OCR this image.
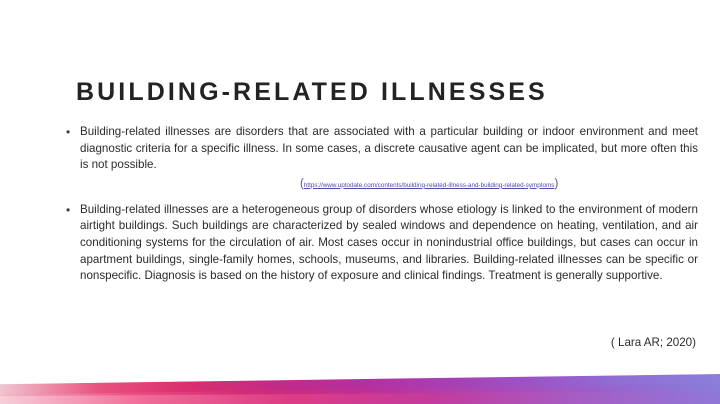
BUILDING-RELATED ILLNESSES
• Building-related illnesses are disorders that are associated with a particular building or indoor environment and meet diagnostic criteria for a specific illness. In some cases, a discrete causative agent can be implicated, but more often this is not possible.
(https://www.uptodate.com/contents/building-related-illness-and-building-related-symptoms)
• Building-related illnesses are a heterogeneous group of disorders whose etiology is linked to the environment of modern airtight buildings. Such buildings are characterized by sealed windows and dependence on heating, ventilation, and air conditioning systems for the circulation of air. Most cases occur in nonindustrial office buildings, but cases can occur in apartment buildings, single-family homes, schools, museums, and libraries. Building-related illnesses can be specific or nonspecific. Diagnosis is based on the history of exposure and clinical findings. Treatment is generally supportive.
( Lara AR; 2020)
